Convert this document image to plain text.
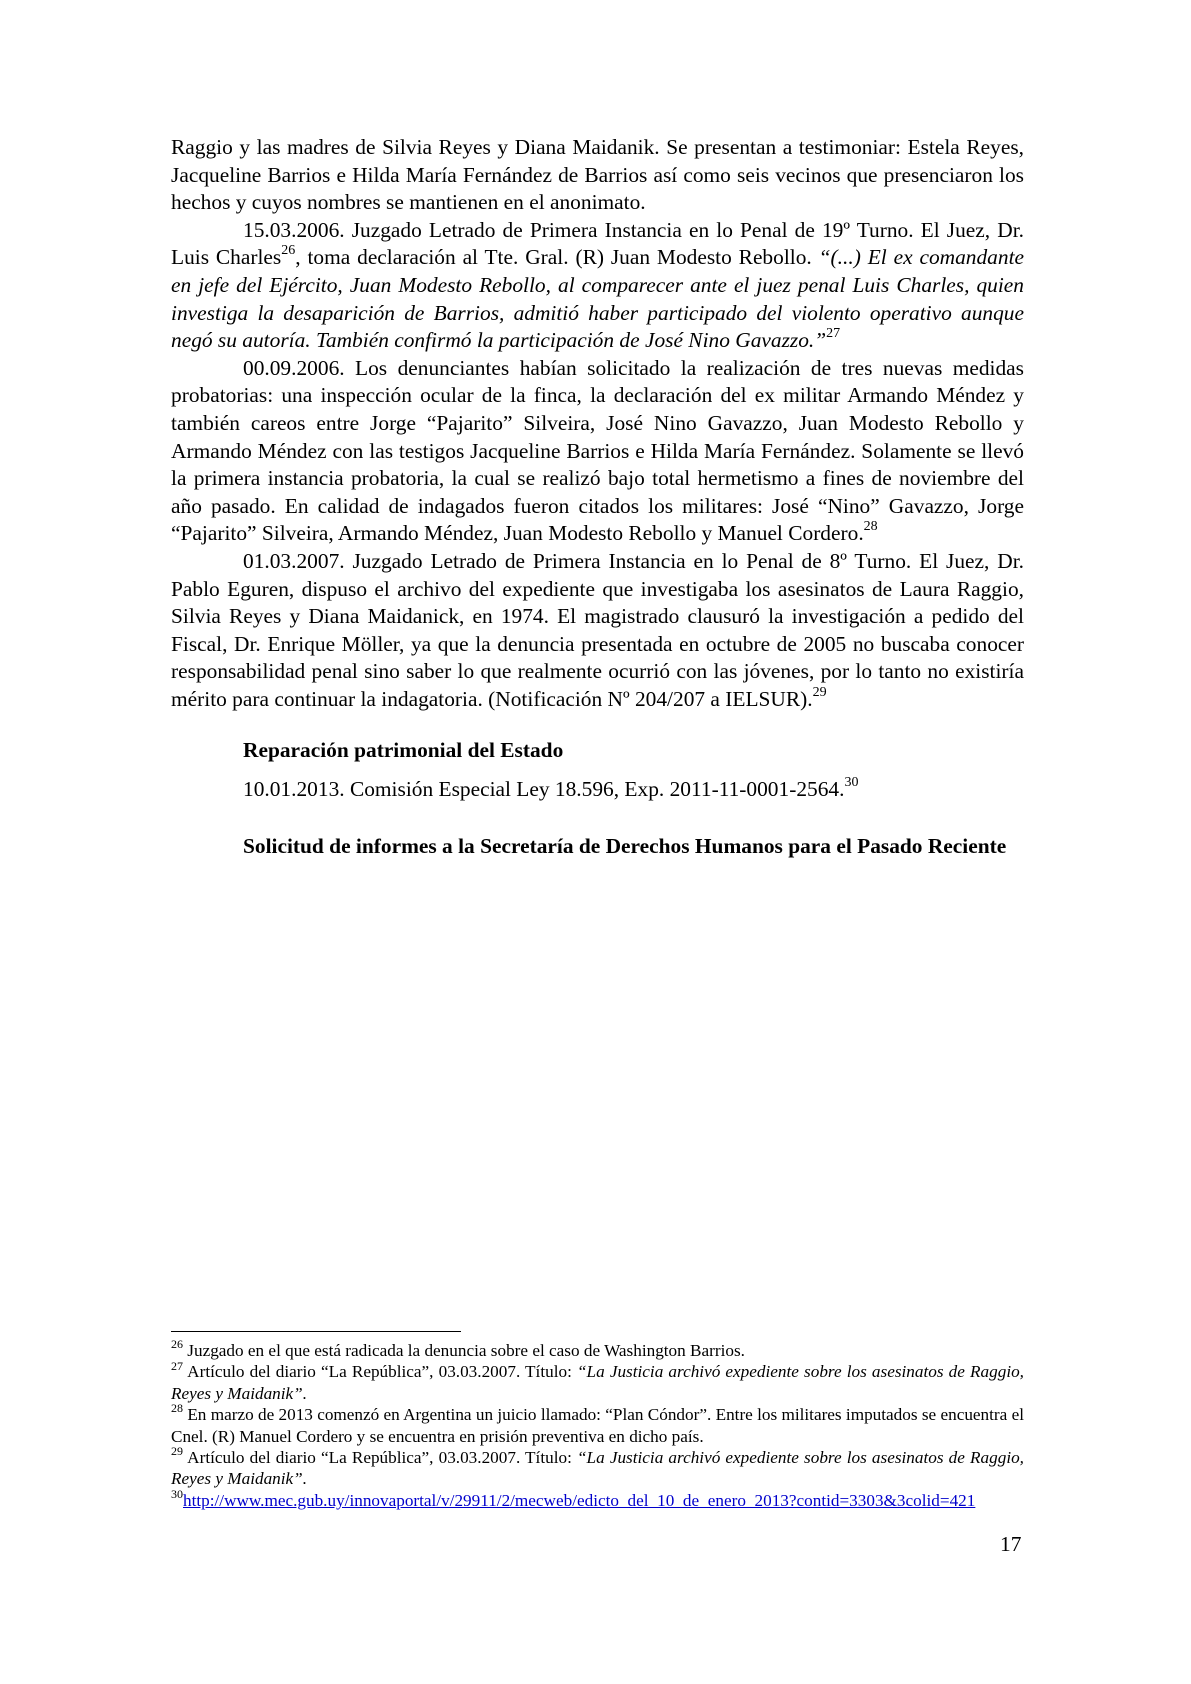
Raggio y las madres de Silvia Reyes y Diana Maidanik. Se presentan a testimoniar: Estela Reyes, Jacqueline Barrios e Hilda María Fernández de Barrios así como seis vecinos que presenciaron los hechos y cuyos nombres se mantienen en el anonimato.

15.03.2006. Juzgado Letrado de Primera Instancia en lo Penal de 19º Turno. El Juez, Dr. Luis Charles$^{26}$, toma declaración al Tte. Gral. (R) Juan Modesto Rebollo. “(...) El ex comandante en jefe del Ejército, Juan Modesto Rebollo, al comparecer ante el juez penal Luis Charles, quien investiga la desaparición de Barrios, admitió haber participado del violento operativo aunque negó su autoría. También confirmó la participación de José Nino Gavazzo.”$^{27}$

00.09.2006. Los denunciantes habían solicitado la realización de tres nuevas medidas probatorias: una inspección ocular de la finca, la declaración del ex militar Armando Méndez y también careos entre Jorge “Pajarito” Silveira, José Nino Gavazzo, Juan Modesto Rebollo y Armando Méndez con las testigos Jacqueline Barrios e Hilda María Fernández. Solamente se llevó la primera instancia probatoria, la cual se realizó bajo total hermetismo a fines de noviembre del año pasado. En calidad de indagados fueron citados los militares: José “Nino” Gavazzo, Jorge “Pajarito” Silveira, Armando Méndez, Juan Modesto Rebollo y Manuel Cordero.$^{28}$

01.03.2007. Juzgado Letrado de Primera Instancia en lo Penal de 8º Turno. El Juez, Dr. Pablo Eguren, dispuso el archivo del expediente que investigaba los asesinatos de Laura Raggio, Silvia Reyes y Diana Maidanick, en 1974. El magistrado clausuró la investigación a pedido del Fiscal, Dr. Enrique Möller, ya que la denuncia presentada en octubre de 2005 no buscaba conocer responsabilidad penal sino saber lo que realmente ocurrió con las jóvenes, por lo tanto no existiría mérito para continuar la indagatoria. (Notificación Nº 204/207 a IELSUR).$^{29}$

Reparación patrimonial del Estado

10.01.2013. Comisión Especial Ley 18.596, Exp. 2011-11-0001-2564.30

Solicitud de informes a la Secretaría de Derechos Humanos para el Pasado Reciente

$^{26}$ Juzgado en el que está radicada la denuncia sobre el caso de Washington Barrios.

$^{27}$ Artículo del diario “La República”, 03.03.2007. Título: “La Justicia archivó expediente sobre los asesinatos de Raggio, Reyes y Maidanik”.

$^{28}$ En marzo de 2013 comenzó en Argentina un juicio llamado: “Plan Cóndor”. Entre los militares imputados se encuentra el Cnel. (R) Manuel Cordero y se encuentra en prisión preventiva en dicho país.

$^{29}$ Artículo del diario “La República”, 03.03.2007. Título: “La Justicia archivó expediente sobre los asesinatos de Raggio, Reyes y Maidanik”.

$^{30}$http://www.mec.gub.uy/innovaportal/v/29911/2/mecweb/edicto_del_10_de_enero_2013?contid=3303&3colid=421

17
